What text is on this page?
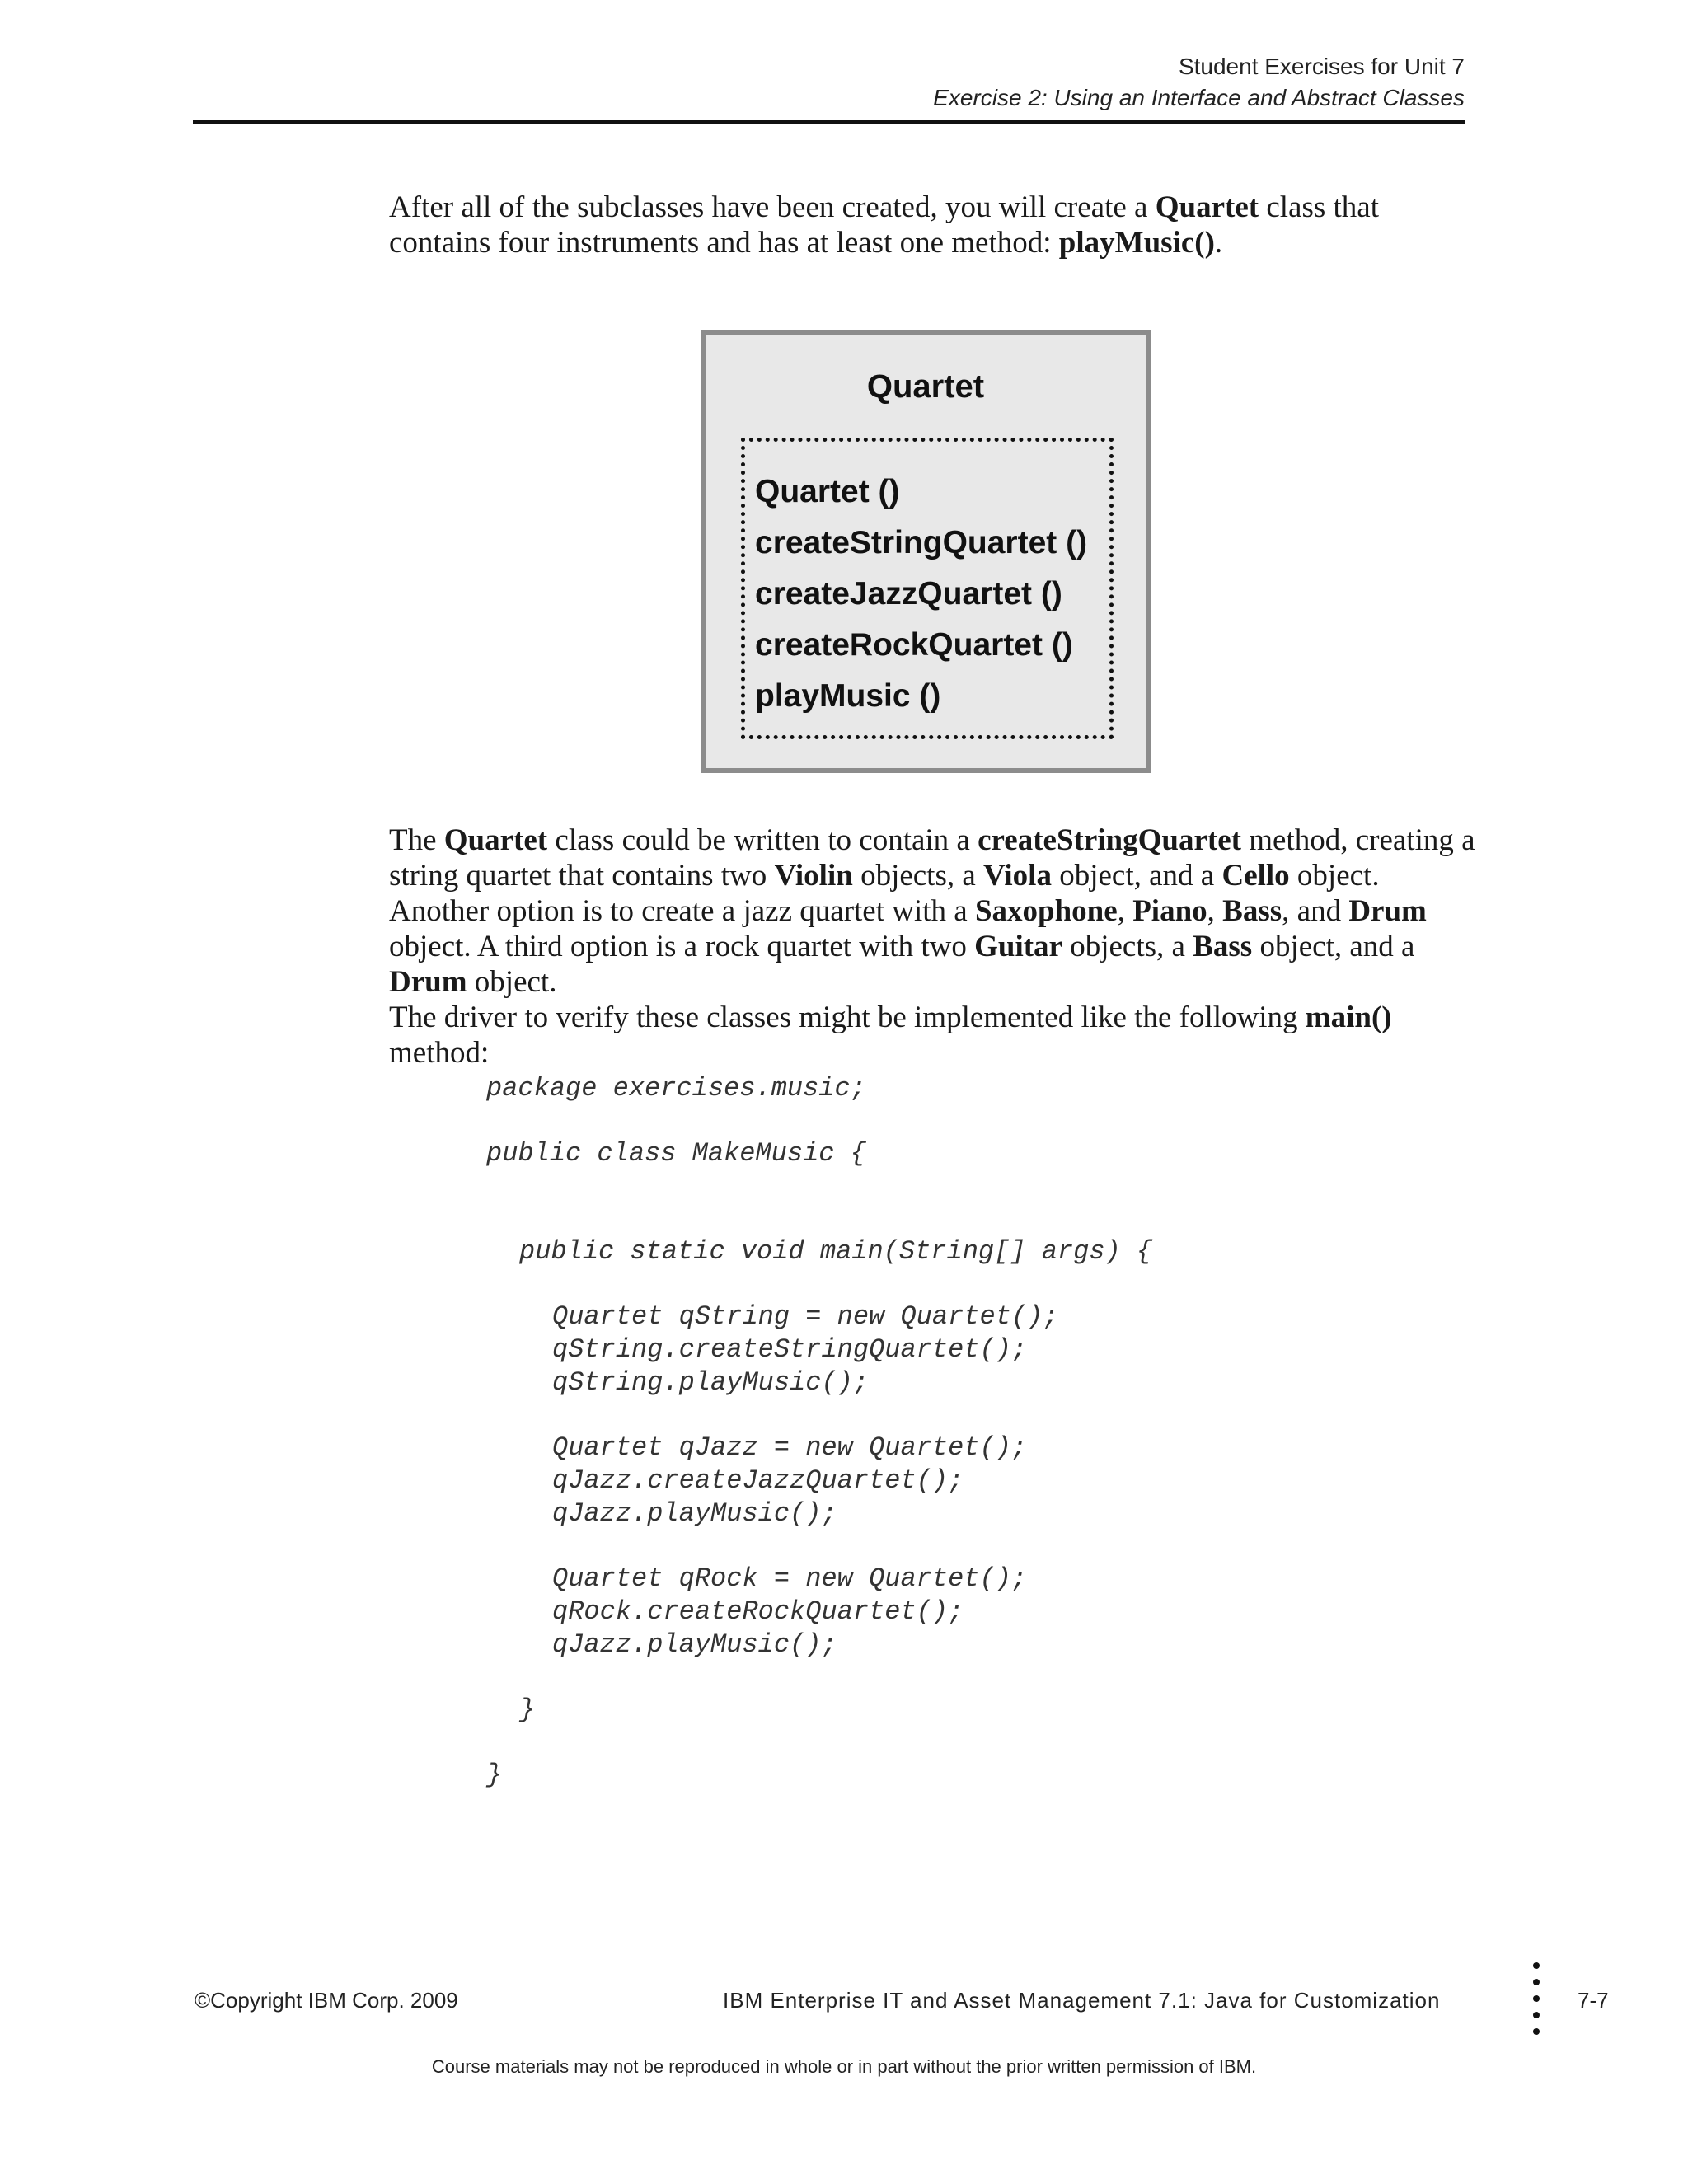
Student Exercises for Unit 7
Exercise 2: Using an Interface and Abstract Classes
After all of the subclasses have been created, you will create a Quartet class that contains four instruments and has at least one method: playMusic().
Quartet
Quartet ()
createStringQuartet ()
createJazzQuartet ()
createRockQuartet ()
playMusic ()
The Quartet class could be written to contain a createStringQuartet method, creating a string quartet that contains two Violin objects, a Viola object, and a Cello object. Another option is to create a jazz quartet with a Saxophone, Piano, Bass, and Drum object. A third option is a rock quartet with two Guitar objects, a Bass object, and a Drum object.
The driver to verify these classes might be implemented like the following main() method:
package exercises.music;
public class MakeMusic {
public static void main(String[] args) {
Quartet qString = new Quartet();
qString.createStringQuartet();
qString.playMusic();
Quartet qJazz = new Quartet();
qJazz.createJazzQuartet();
qJazz.playMusic();
Quartet qRock = new Quartet();
qRock.createRockQuartet();
qJazz.playMusic();
}
}
©Copyright IBM Corp. 2009	IBM Enterprise IT and Asset Management 7.1: Java for Customization	7-7
Course materials may not be reproduced in whole or in part without the prior written permission of IBM.
